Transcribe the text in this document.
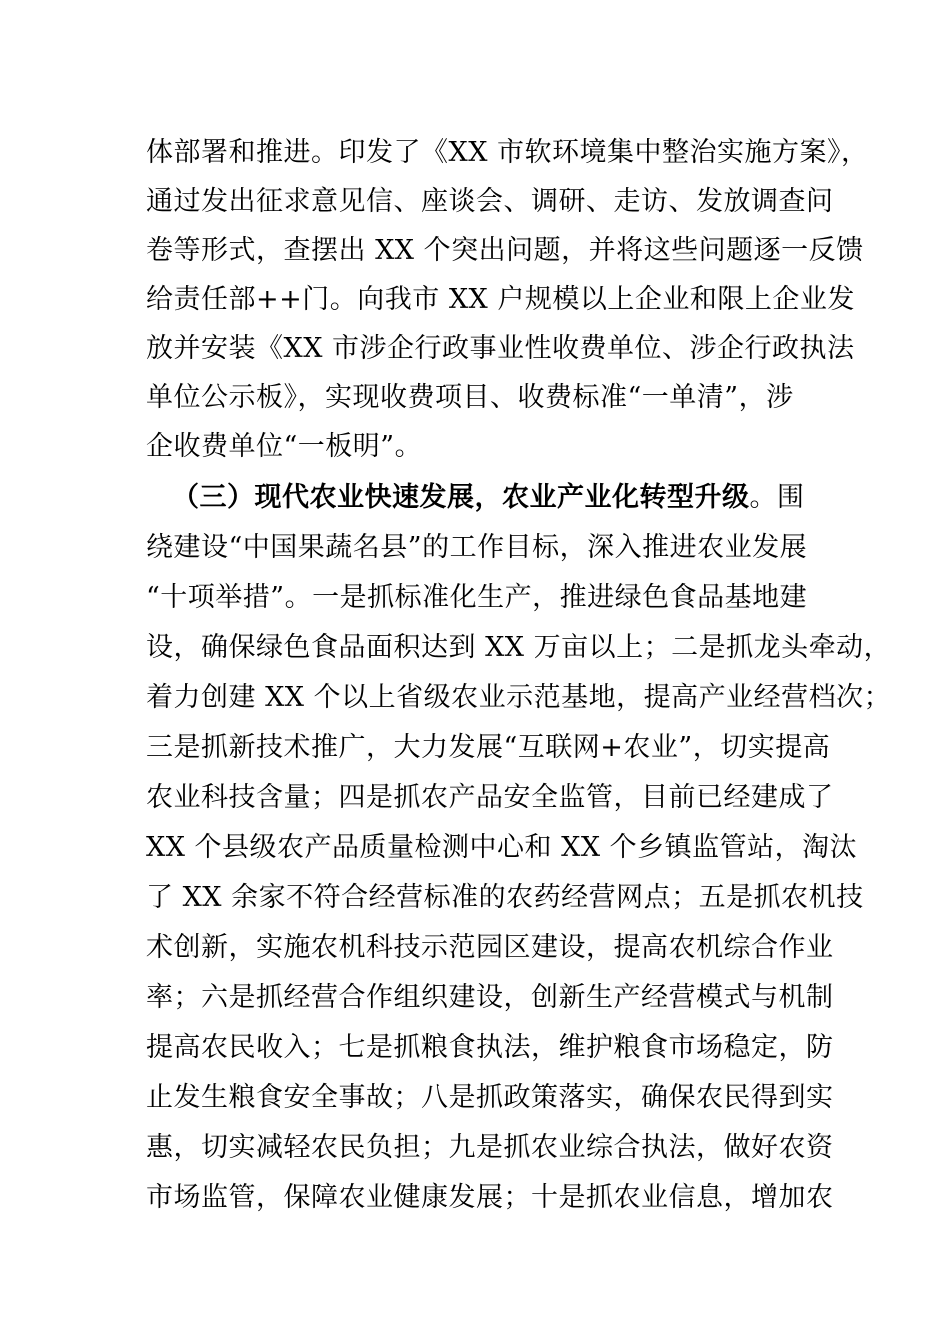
体部署和推进。印发了《XX 市软环境集中整治实施方案》，
通过发出征求意见信、座谈会、调研、走访、发放调查问
卷等形式，查摆出 XX 个突出问题，并将这些问题逐一反馈
给责任部++门。向我市 XX 户规模以上企业和限上企业发
放并安装《XX 市涉企行政事业性收费单位、涉企行政执法
单位公示板》，实现收费项目、收费标准“一单清”，涉
企收费单位“一板明”。
（三）现代农业快速发展，农业产业化转型升级。围
绕建设“中国果蔬名县”的工作目标，深入推进农业发展
“十项举措”。一是抓标准化生产，推进绿色食品基地建
设，确保绿色食品面积达到 XX 万亩以上；二是抓龙头牵动，
着力创建 XX 个以上省级农业示范基地，提高产业经营档次；
三是抓新技术推广，大力发展“互联网+农业”，切实提高
农业科技含量；四是抓农产品安全监管，目前已经建成了
XX 个县级农产品质量检测中心和 XX 个乡镇监管站，淘汰
了 XX 余家不符合经营标准的农药经营网点；五是抓农机技
术创新，实施农机科技示范园区建设，提高农机综合作业
率；六是抓经营合作组织建设，创新生产经营模式与机制
提高农民收入；七是抓粮食执法，维护粮食市场稳定，防
止发生粮食安全事故；八是抓政策落实，确保农民得到实
惠，切实减轻农民负担；九是抓农业综合执法，做好农资
市场监管，保障农业健康发展；十是抓农业信息，增加农
